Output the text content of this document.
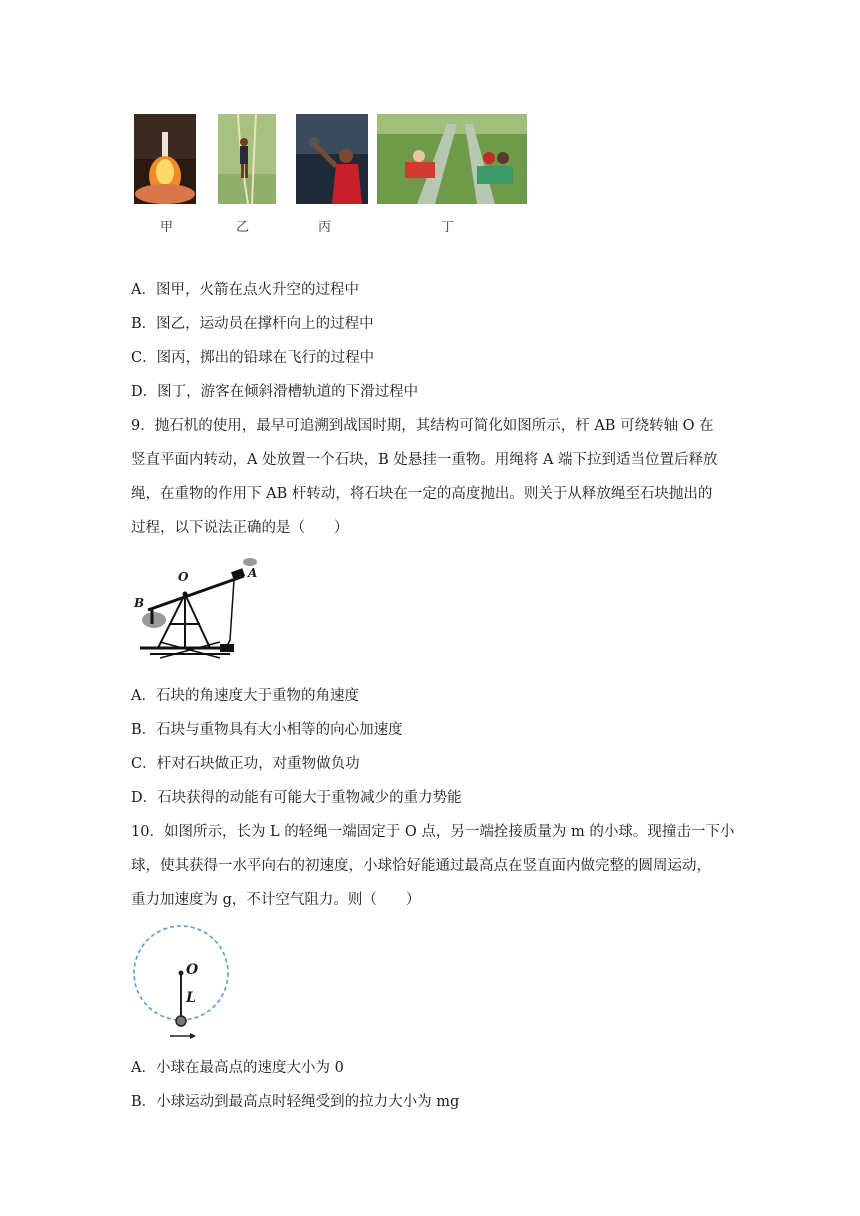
甲	乙	丙	丁
A．图甲，火箭在点火升空的过程中
B．图乙，运动员在撑杆向上的过程中
C．图丙，掷出的铅球在飞行的过程中
D．图丁，游客在倾斜滑槽轨道的下滑过程中
9．抛石机的使用，最早可追溯到战国时期，其结构可简化如图所示，杆 AB 可绕转轴 O 在
竖直平面内转动，A 处放置一个石块，B 处悬挂一重物。用绳将 A 端下拉到适当位置后释放
绳，在重物的作用下 AB 杆转动，将石块在一定的高度抛出。则关于从释放绳至石块抛出的
过程，以下说法正确的是（　　）
O	A
B
A．石块的角速度大于重物的角速度
B．石块与重物具有大小相等的向心加速度
C．杆对石块做正功，对重物做负功
D．石块获得的动能有可能大于重物减少的重力势能
10．如图所示，长为 L 的轻绳一端固定于 O 点，另一端拴接质量为 m 的小球。现撞击一下小
球，使其获得一水平向右的初速度，小球恰好能通过最高点在竖直面内做完整的圆周运动，
重力加速度为 g，不计空气阻力。则（　　）
O
L
A．小球在最高点的速度大小为 0
B．小球运动到最高点时轻绳受到的拉力大小为 mg
